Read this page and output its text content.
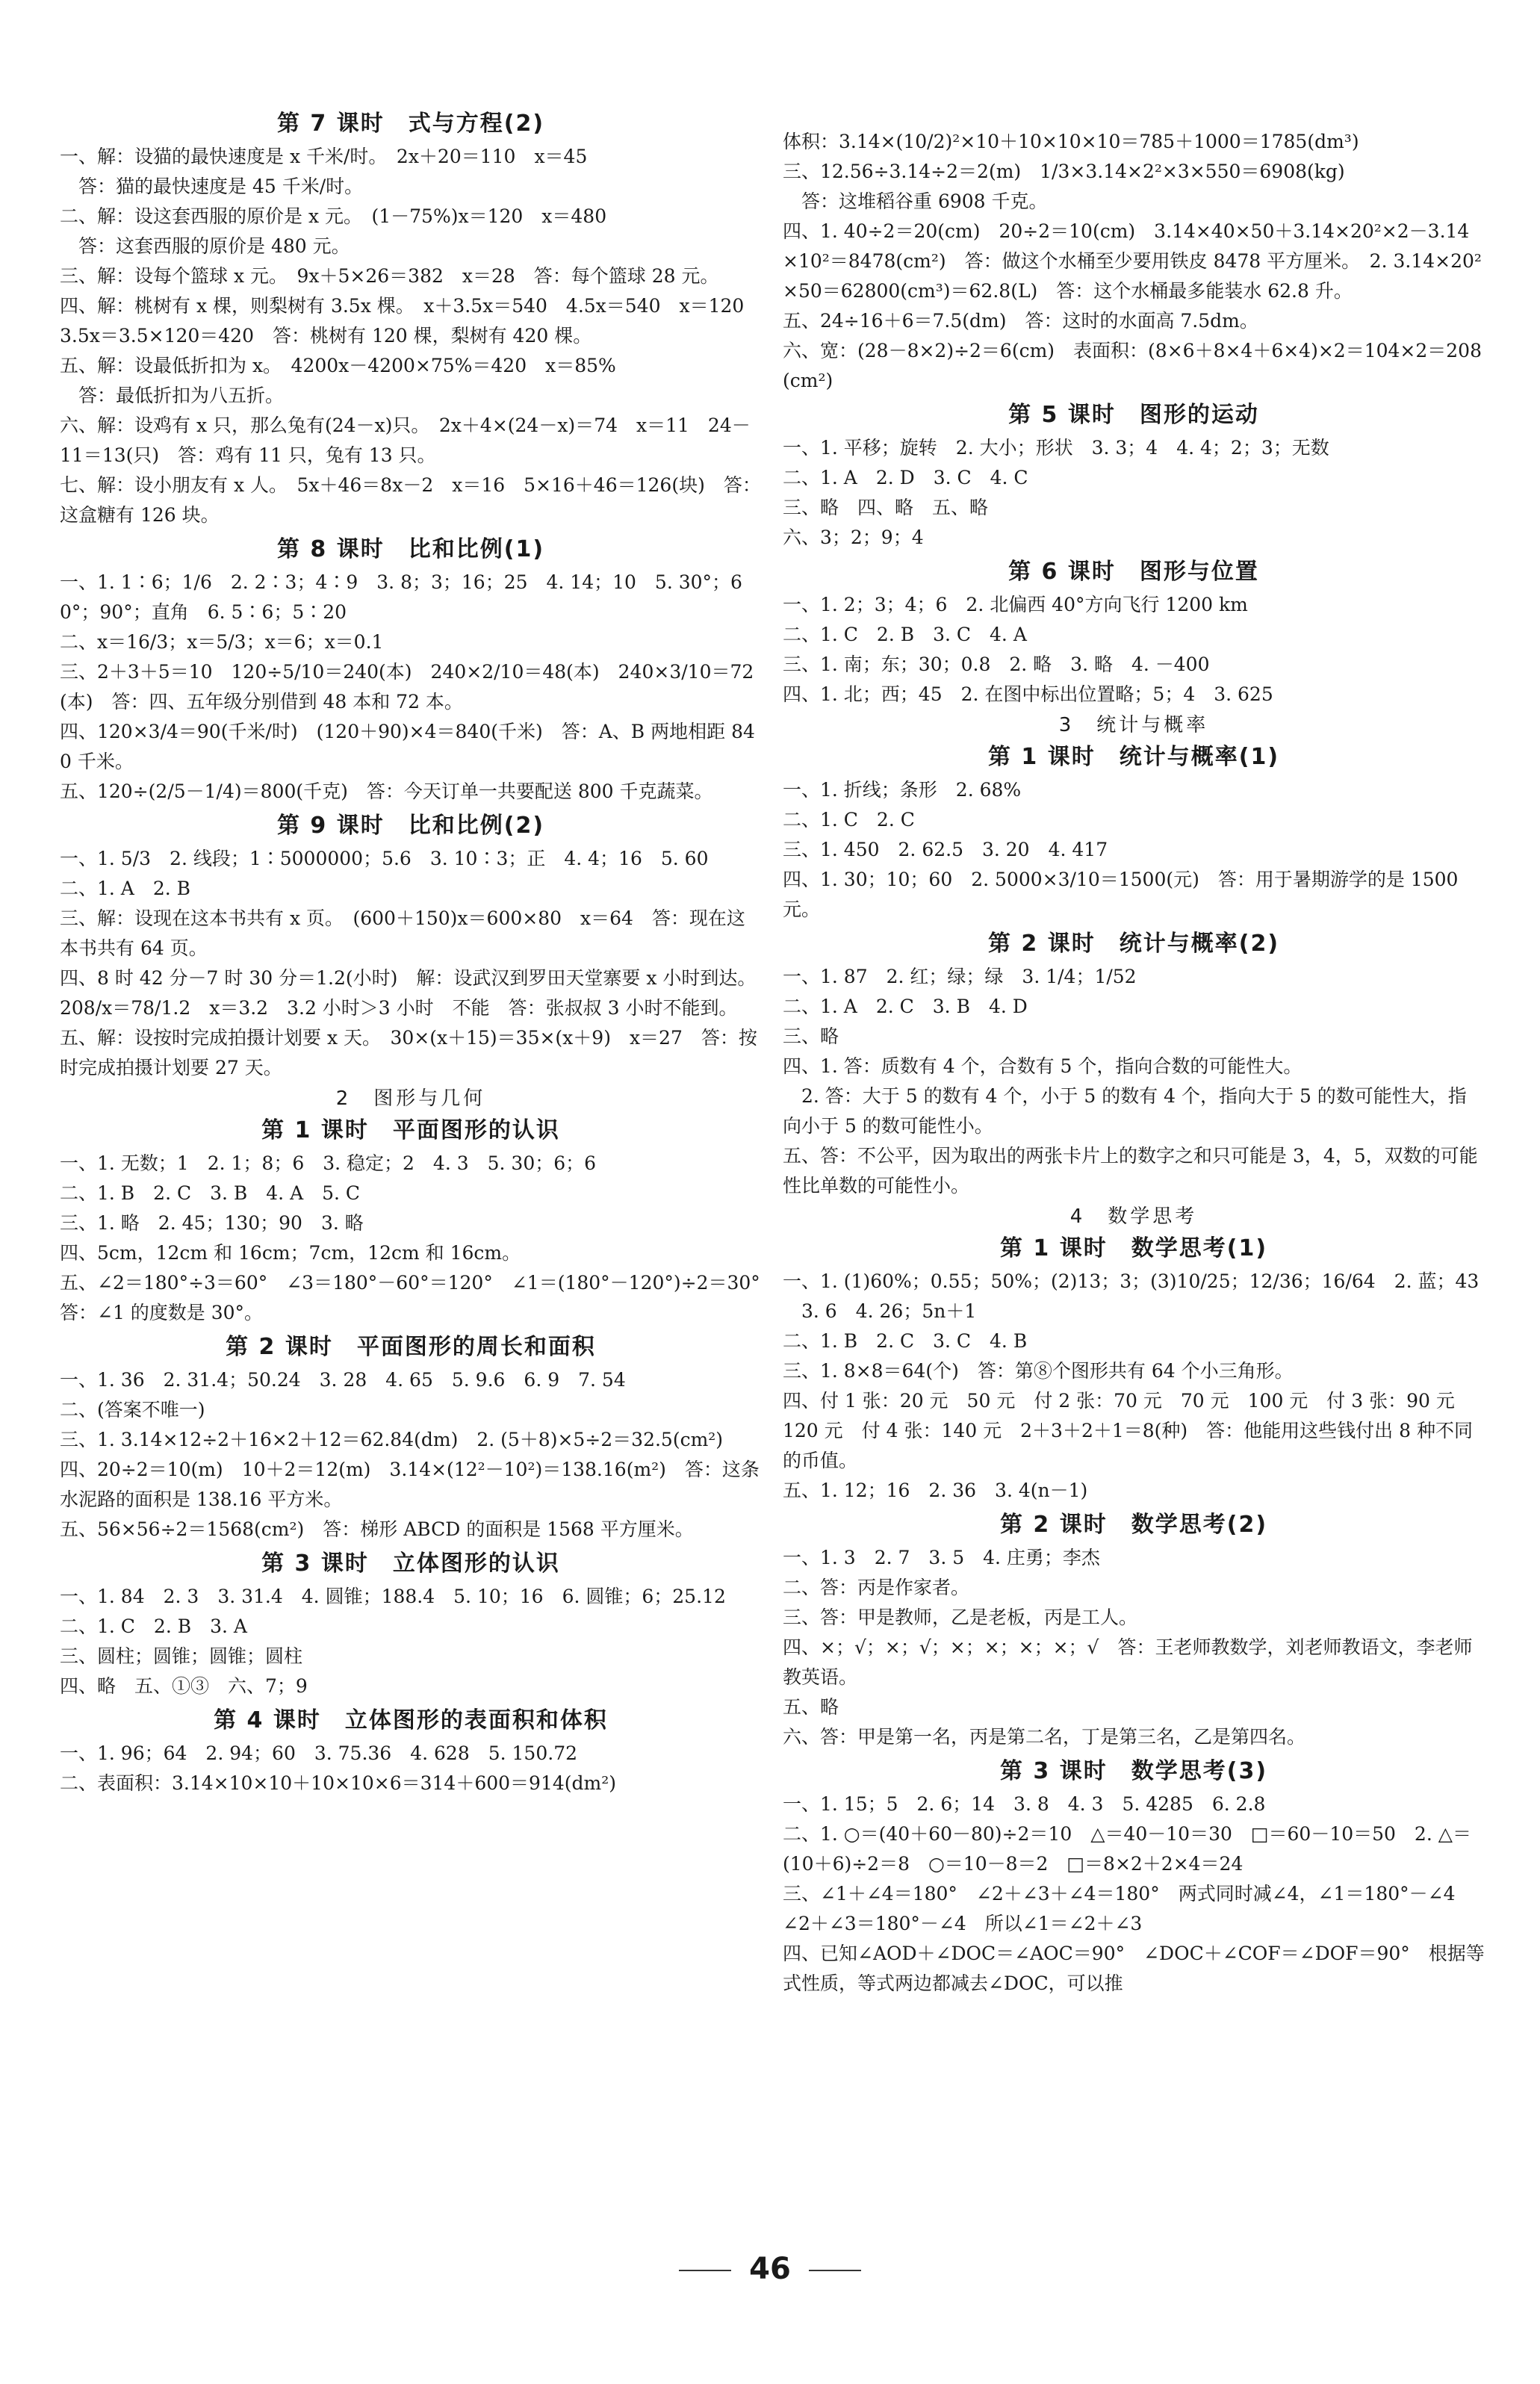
第 7 课时　式与方程(2)
一、解：设猫的最快速度是 x 千米/时。　2x＋20＝110　x＝45
　答：猫的最快速度是 45 千米/时。
二、解：设这套西服的原价是 x 元。　(1－75%)x＝120　x＝480
　答：这套西服的原价是 480 元。
三、解：设每个篮球 x 元。　9x＋5×26＝382　x＝28　答：每个篮球 28 元。
四、解：桃树有 x 棵，则梨树有 3.5x 棵。　x＋3.5x＝540　4.5x＝540　x＝120　3.5x＝3.5×120＝420　答：桃树有 120 棵，梨树有 420 棵。
五、解：设最低折扣为 x。　4200x－4200×75%＝420　x＝85%
　答：最低折扣为八五折。
六、解：设鸡有 x 只，那么兔有(24－x)只。　2x＋4×(24－x)＝74　x＝11　24－11＝13(只)　答：鸡有 11 只，兔有 13 只。
七、解：设小朋友有 x 人。　5x＋46＝8x－2　x＝16　5×16＋46＝126(块)　答：这盒糖有 126 块。
第 8 课时　比和比例(1)
一、1. 1∶6；1/6　2. 2∶3；4∶9　3. 8；3；16；25　4. 14；10　5. 30°；60°；90°；直角　6. 5∶6；5∶20
二、x＝16/3；x＝5/3；x＝6；x＝0.1
三、2＋3＋5＝10　120÷5/10＝240(本)　240×2/10＝48(本)　240×3/10＝72(本)　答：四、五年级分别借到 48 本和 72 本。
四、120×3/4＝90(千米/时)　(120＋90)×4＝840(千米)　答：A、B 两地相距 840 千米。
五、120÷(2/5－1/4)＝800(千克)　答：今天订单一共要配送 800 千克蔬菜。
第 9 课时　比和比例(2)
一、1. 5/3　2. 线段；1∶5000000；5.6　3. 10∶3；正　4. 4；16　5. 60
二、1. A　2. B
三、解：设现在这本书共有 x 页。　(600＋150)x＝600×80　x＝64　答：现在这本书共有 64 页。
四、8 时 42 分－7 时 30 分＝1.2(小时)　解：设武汉到罗田天堂寨要 x 小时到达。　208/x＝78/1.2　x＝3.2　3.2 小时＞3 小时　不能　答：张叔叔 3 小时不能到。
五、解：设按时完成拍摄计划要 x 天。　30×(x＋15)＝35×(x＋9)　x＝27　答：按时完成拍摄计划要 27 天。
2　图形与几何
第 1 课时　平面图形的认识
一、1. 无数；1　2. 1；8；6　3. 稳定；2　4. 3　5. 30；6；6
二、1. B　2. C　3. B　4. A　5. C
三、1. 略　2. 45；130；90　3. 略
四、5cm，12cm 和 16cm；7cm，12cm 和 16cm。
五、∠2＝180°÷3＝60°　∠3＝180°－60°＝120°　∠1＝(180°－120°)÷2＝30°　答：∠1 的度数是 30°。
第 2 课时　平面图形的周长和面积
一、1. 36　2. 31.4；50.24　3. 28　4. 65　5. 9.6　6. 9　7. 54
二、(答案不唯一)
三、1. 3.14×12÷2＋16×2＋12＝62.84(dm)　2. (5＋8)×5÷2＝32.5(cm²)
四、20÷2＝10(m)　10＋2＝12(m)　3.14×(12²－10²)＝138.16(m²)　答：这条水泥路的面积是 138.16 平方米。
五、56×56÷2＝1568(cm²)　答：梯形 ABCD 的面积是 1568 平方厘米。
第 3 课时　立体图形的认识
一、1. 84　2. 3　3. 31.4　4. 圆锥；188.4　5. 10；16　6. 圆锥；6；25.12
二、1. C　2. B　3. A
三、圆柱；圆锥；圆锥；圆柱
四、略　五、①③　六、7；9
第 4 课时　立体图形的表面积和体积
一、1. 96；64　2. 94；60　3. 75.36　4. 628　5. 150.72
二、表面积：3.14×10×10＋10×10×6＝314＋600＝914(dm²)
体积：3.14×(10/2)²×10＋10×10×10＝785＋1000＝1785(dm³)
三、12.56÷3.14÷2＝2(m)　1/3×3.14×2²×3×550＝6908(kg)
　答：这堆稻谷重 6908 千克。
四、1. 40÷2＝20(cm)　20÷2＝10(cm)　3.14×40×50＋3.14×20²×2－3.14×10²＝8478(cm²)　答：做这个水桶至少要用铁皮 8478 平方厘米。　2. 3.14×20²×50＝62800(cm³)＝62.8(L)　答：这个水桶最多能装水 62.8 升。
五、24÷16＋6＝7.5(dm)　答：这时的水面高 7.5dm。
六、宽：(28－8×2)÷2＝6(cm)　表面积：(8×6＋8×4＋6×4)×2＝104×2＝208(cm²)
第 5 课时　图形的运动
一、1. 平移；旋转　2. 大小；形状　3. 3；4　4. 4；2；3；无数
二、1. A　2. D　3. C　4. C
三、略　四、略　五、略
六、3；2；9；4
第 6 课时　图形与位置
一、1. 2；3；4；6　2. 北偏西 40°方向飞行 1200 km
二、1. C　2. B　3. C　4. A
三、1. 南；东；30；0.8　2. 略　3. 略　4. －400
四、1. 北；西；45　2. 在图中标出位置略；5；4　3. 625
3　统计与概率
第 1 课时　统计与概率(1)
一、1. 折线；条形　2. 68%
二、1. C　2. C
三、1. 450　2. 62.5　3. 20　4. 417
四、1. 30；10；60　2. 5000×3/10＝1500(元)　答：用于暑期游学的是 1500 元。
第 2 课时　统计与概率(2)
一、1. 87　2. 红；绿；绿　3. 1/4；1/52
二、1. A　2. C　3. B　4. D
三、略
四、1. 答：质数有 4 个，合数有 5 个，指向合数的可能性大。
　2. 答：大于 5 的数有 4 个，小于 5 的数有 4 个，指向大于 5 的数可能性大，指向小于 5 的数可能性小。
五、答：不公平，因为取出的两张卡片上的数字之和只可能是 3，4，5，双数的可能性比单数的可能性小。
4　数学思考
第 1 课时　数学思考(1)
一、1. (1)60%；0.55；50%；(2)13；3；(3)10/25；12/36；16/64　2. 蓝；43
　3. 6　4. 26；5n＋1
二、1. B　2. C　3. C　4. B
三、1. 8×8＝64(个)　答：第⑧个图形共有 64 个小三角形。
四、付 1 张：20 元　50 元　付 2 张：70 元　70 元　100 元　付 3 张：90 元　120 元　付 4 张：140 元　2＋3＋2＋1＝8(种)　答：他能用这些钱付出 8 种不同的币值。
五、1. 12；16　2. 36　3. 4(n－1)
第 2 课时　数学思考(2)
一、1. 3　2. 7　3. 5　4. 庄勇；李杰
二、答：丙是作家者。
三、答：甲是教师，乙是老板，丙是工人。
四、×；√；×；√；×；×；×；×；√　答：王老师教数学，刘老师教语文，李老师教英语。
五、略
六、答：甲是第一名，丙是第二名，丁是第三名，乙是第四名。
第 3 课时　数学思考(3)
一、1. 15；5　2. 6；14　3. 8　4. 3　5. 4285　6. 2.8
二、1. ○＝(40＋60－80)÷2＝10　△＝40－10＝30　□＝60－10＝50　2. △＝(10＋6)÷2＝8　○＝10－8＝2　□＝8×2＋2×4＝24
三、∠1＋∠4＝180°　∠2＋∠3＋∠4＝180°　两式同时减∠4，∠1＝180°－∠4　∠2＋∠3＝180°－∠4　所以∠1＝∠2＋∠3
四、已知∠AOD＋∠DOC＝∠AOC＝90°　∠DOC＋∠COF＝∠DOF＝90°　根据等式性质，等式两边都减去∠DOC，可以推
46
